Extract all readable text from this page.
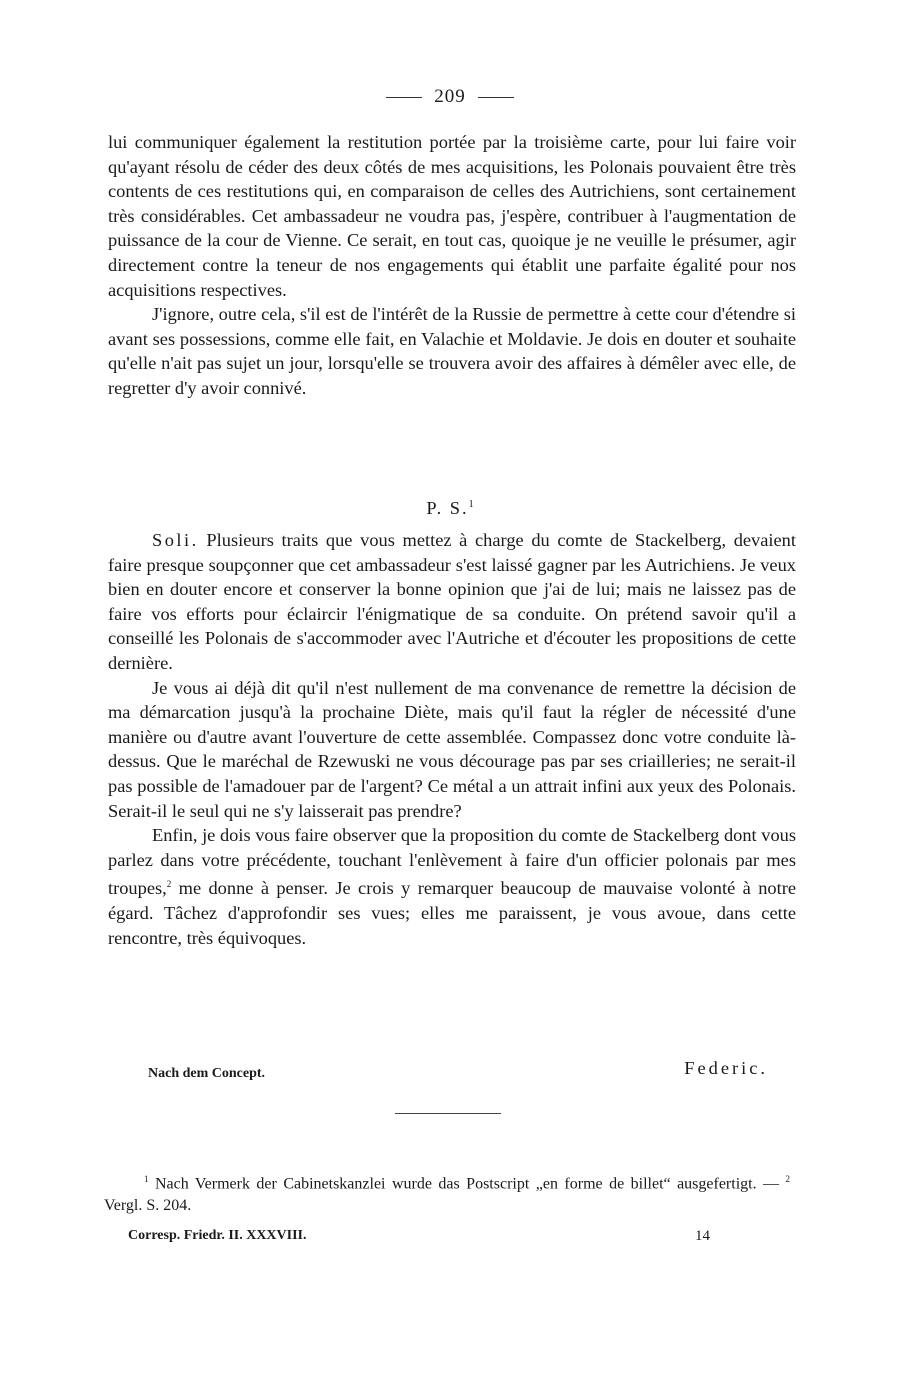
209

lui communiquer également la restitution portée par la troisième carte, pour lui faire voir qu'ayant résolu de céder des deux côtés de mes acquisitions, les Polonais pouvaient être très contents de ces restitutions qui, en comparaison de celles des Autrichiens, sont certainement très considérables. Cet ambassadeur ne voudra pas, j'espère, contribuer à l'augmentation de puissance de la cour de Vienne. Ce serait, en tout cas, quoique je ne veuille le présumer, agir directement contre la teneur de nos engagements qui établit une parfaite égalité pour nos acquisitions respectives.

J'ignore, outre cela, s'il est de l'intérêt de la Russie de permettre à cette cour d'étendre si avant ses possessions, comme elle fait, en Valachie et Moldavie. Je dois en douter et souhaite qu'elle n'ait pas sujet un jour, lorsqu'elle se trouvera avoir des affaires à démêler avec elle, de regretter d'y avoir connivé.

P. S.$^1$

Soli. Plusieurs traits que vous mettez à charge du comte de Stackelberg, devaient faire presque soupçonner que cet ambassadeur s'est laissé gagner par les Autrichiens. Je veux bien en douter encore et conserver la bonne opinion que j'ai de lui; mais ne laissez pas de faire vos efforts pour éclaircir l'énigmatique de sa conduite. On prétend savoir qu'il a conseillé les Polonais de s'accommoder avec l'Autriche et d'écouter les propositions de cette dernière.

Je vous ai déjà dit qu'il n'est nullement de ma convenance de remettre la décision de ma démarcation jusqu'à la prochaine Diète, mais qu'il faut la régler de nécessité d'une manière ou d'autre avant l'ouverture de cette assemblée. Compassez donc votre conduite là-dessus. Que le maréchal de Rzewuski ne vous décourage pas par ses criailleries; ne serait-il pas possible de l'amadouer par de l'argent? Ce métal a un attrait infini aux yeux des Polonais. Serait-il le seul qui ne s'y laisserait pas prendre?

Enfin, je dois vous faire observer que la proposition du comte de Stackelberg dont vous parlez dans votre précédente, touchant l'enlèvement à faire d'un officier polonais par mes troupes,$^2$ me donne à penser. Je crois y remarquer beaucoup de mauvaise volonté à notre égard. Tâchez d'approfondir ses vues; elles me paraissent, je vous avoue, dans cette rencontre, très équivoques.

Nach dem Concept.	Federic.
$^1$ Nach Vermerk der Cabinetskanzlei wurde das Postscript „en forme de billet“ ausgefertigt. — $^2$ Vergl. S. 204.
Corresp. Friedr. II. XXXVIII.	14
